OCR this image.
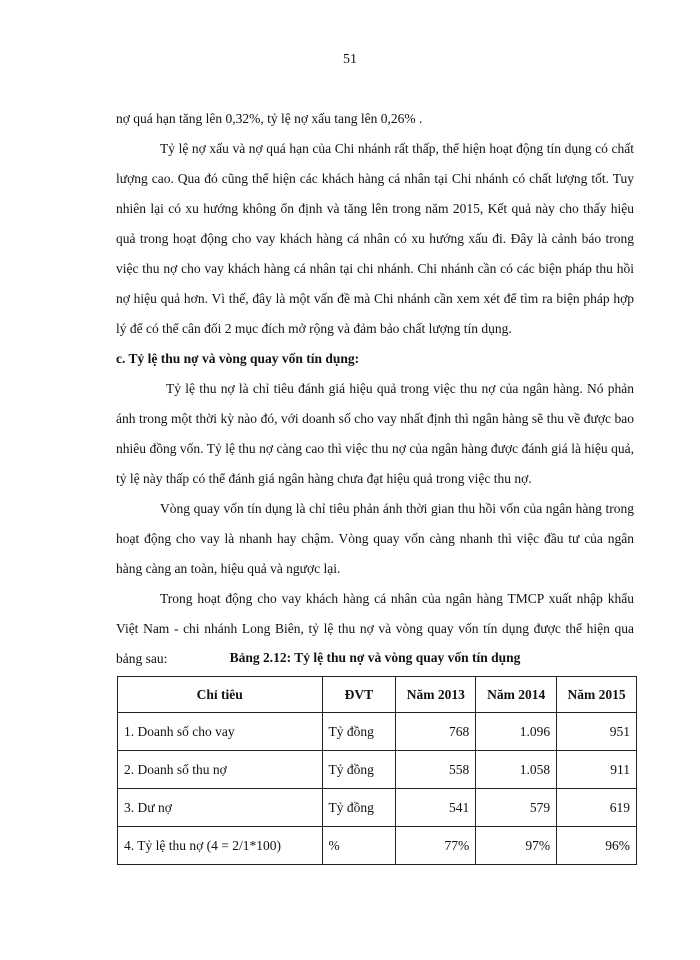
51

nợ quá hạn tăng lên 0,32%, tỷ lệ nợ xấu tang lên 0,26% .

Tỷ lệ nợ xấu và nợ quá hạn của Chi nhánh rất thấp, thể hiện hoạt động tín dụng có chất lượng cao. Qua đó cũng thể hiện các khách hàng cá nhân tại Chi nhánh có chất lượng tốt. Tuy nhiên lại có xu hướng không ổn định và tăng lên trong năm 2015, Kết quả này cho thấy hiệu quả trong hoạt động cho vay khách hàng cá nhân có xu hướng xấu đi. Đây là cảnh báo trong việc thu nợ cho vay khách hàng cá nhân tại chi nhánh. Chi nhánh cần có các biện pháp thu hồi nợ hiệu quả hơn. Vì thế, đây là một vấn đề mà Chi nhánh cần xem xét để tìm ra biện pháp hợp lý để có thể cân đối 2 mục đích mở rộng và đảm bảo chất lượng tín dụng.

c. Tỷ lệ thu nợ và vòng quay vốn tín dụng:

Tỷ lệ thu nợ là chỉ tiêu đánh giá hiệu quả trong việc thu nợ của ngân hàng. Nó phản ánh trong một thời kỳ nào đó, với doanh số cho vay nhất định thì ngân hàng sẽ thu về được bao nhiêu đồng vốn. Tỷ lệ thu nợ càng cao thì việc thu nợ của ngân hàng được đánh giá là hiệu quả, tỷ lệ này thấp có thể đánh giá ngân hàng chưa đạt hiệu quả trong việc thu nợ.

Vòng quay vốn tín dụng là chỉ tiêu phản ánh thời gian thu hồi vốn của ngân hàng trong hoạt động cho vay là nhanh hay chậm. Vòng quay vốn càng nhanh thì việc đầu tư của ngân hàng càng an toàn, hiệu quả và ngược lại.

Trong hoạt động cho vay khách hàng cá nhân của ngân hàng TMCP xuất nhập khẩu Việt Nam - chi nhánh Long Biên, tỷ lệ thu nợ và vòng quay vốn tín dụng được thể hiện qua bảng sau:	Bảng 2.12: Tỷ lệ thu nợ và vòng quay vốn tín dụng
Chỉ tiêu	ĐVT	Năm 2013	Năm 2014	Năm 2015
1. Doanh số cho vay	Tỷ đồng	768	1.096	951
2. Doanh số thu nợ	Tỷ đồng	558	1.058	911
3. Dư nợ	Tỷ đồng	541	579	619
4. Tỷ lệ thu nợ (4 = 2/1*100)	%	77%	97%	96%
